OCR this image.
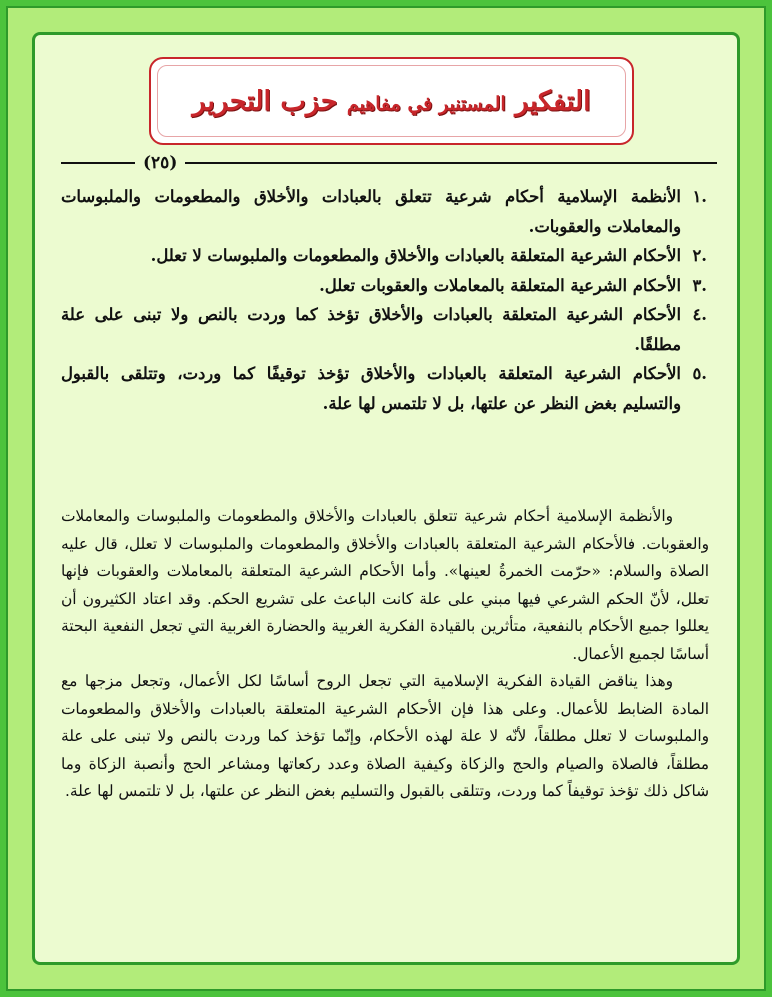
التفكير المستنير في مفاهيم حزب التحرير
(٢٥)
.١
الأنظمة الإسلامية أحكام شرعية تتعلق بالعبادات والأخلاق والمطعومات والملبوسات والمعاملات والعقوبات.
.٢
الأحكام الشرعية المتعلقة بالعبادات والأخلاق والمطعومات والملبوسات لا تعلل.
.٣
الأحكام الشرعية المتعلقة بالمعاملات والعقوبات تعلل.
.٤
الأحكام الشرعية المتعلقة بالعبادات والأخلاق تؤخذ كما وردت بالنص ولا تبنى على علة مطلقًا.
.٥
الأحكام الشرعية المتعلقة بالعبادات والأخلاق تؤخذ توقيفًا كما وردت، وتتلقى بالقبول والتسليم بغض النظر عن علتها، بل لا تلتمس لها علة.

والأنظمة الإسلامية أحكام شرعية تتعلق بالعبادات والأخلاق والمطعومات والملبوسات والمعاملات والعقوبات. فالأحكام الشرعية المتعلقة بالعبادات والأخلاق والمطعومات والملبوسات لا تعلل، قال عليه الصلاة والسلام: «حرّمت الخمرةُ لعينها». وأما الأحكام الشرعية المتعلقة بالمعاملات والعقوبات فإنها تعلل، لأنّ الحكم الشرعي فيها مبني على علة كانت الباعث على تشريع الحكم. وقد اعتاد الكثيرون أن يعللوا جميع الأحكام بالنفعية، متأثرين بالقيادة الفكرية الغربية والحضارة الغربية التي تجعل النفعية البحتة أساسًا لجميع الأعمال.

وهذا يناقض القيادة الفكرية الإسلامية التي تجعل الروح أساسًا لكل الأعمال، وتجعل مزجها مع المادة الضابط للأعمال. وعلى هذا فإن الأحكام الشرعية المتعلقة بالعبادات والأخلاق والمطعومات والملبوسات لا تعلل مطلقاً، لأنّه لا علة لهذه الأحكام، وإنّما تؤخذ كما وردت بالنص ولا تبنى على علة مطلقاً، فالصلاة والصيام والحج والزكاة وكيفية الصلاة وعدد ركعاتها ومشاعر الحج وأنصبة الزكاة وما شاكل ذلك تؤخذ توقيفاً كما وردت، وتتلقى بالقبول والتسليم بغض النظر عن علتها، بل لا تلتمس لها علة.
